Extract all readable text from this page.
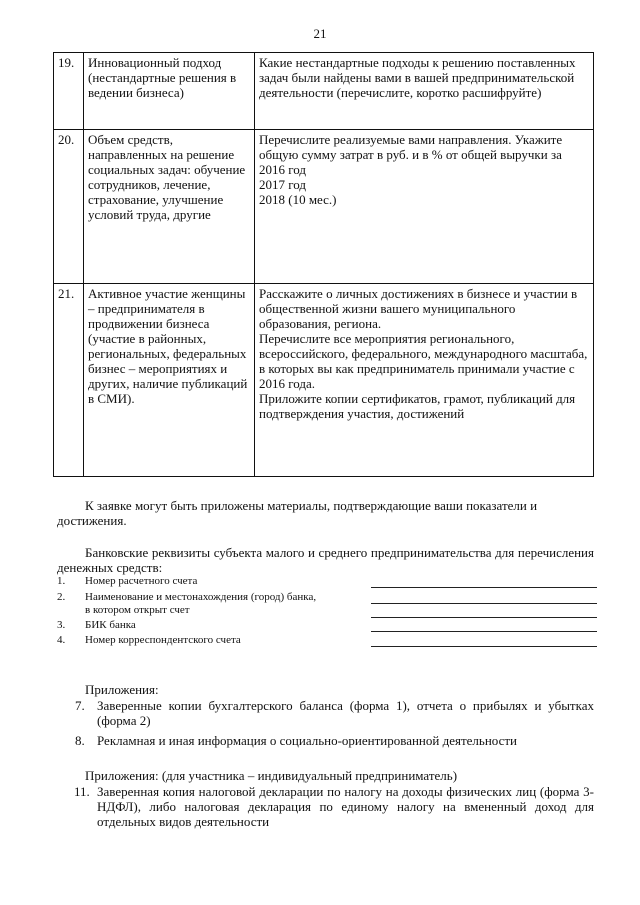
21
19.	Инновационный подход (нестандартные решения в ведении бизнеса)	Какие нестандартные подходы к решению поставленных задач были найдены вами в вашей предпринимательской деятельности (перечислите, коротко расшифруйте)
20.	Объем средств, направленных на решение социальных задач: обучение сотрудников, лечение, страхование, улучшение условий труда, другие	Перечислите реализуемые вами направления. Укажите общую сумму затрат в руб. и в % от общей выручки за
2016 год
2017 год
2018 (10 мес.)
21.	Активное участие женщины – предпринимателя в продвижении бизнеса (участие в районных, региональных, федеральных бизнес – мероприятиях и других, наличие публикаций в СМИ).	Расскажите о личных достижениях в бизнесе и участии в общественной жизни вашего муниципального образования, региона.
Перечислите все мероприятия регионального, всероссийского, федерального, международного масштаба, в которых вы как предприниматель принимали участие с 2016 года.
Приложите копии сертификатов, грамот, публикаций для подтверждения участия, достижений
К заявке могут быть приложены материалы, подтверждающие ваши показатели и достижения.
Банковские реквизиты субъекта малого и среднего предпринимательства для перечисления денежных средств:
1. Номер расчетного счета
2. Наименование и местонахождения (город) банка,
в котором открыт счет
3. БИК банка
4. Номер корреспондентского счета
Приложения:
7. Заверенные копии бухгалтерского баланса (форма 1), отчета о прибылях и убытках (форма 2)
8. Рекламная и иная информация о социально-ориентированной деятельности
Приложения: (для участника – индивидуальный предприниматель)
11. Заверенная копия налоговой декларации по налогу на доходы физических лиц (форма 3-НДФЛ), либо налоговая декларация по единому налогу на вмененный доход для отдельных видов деятельности
